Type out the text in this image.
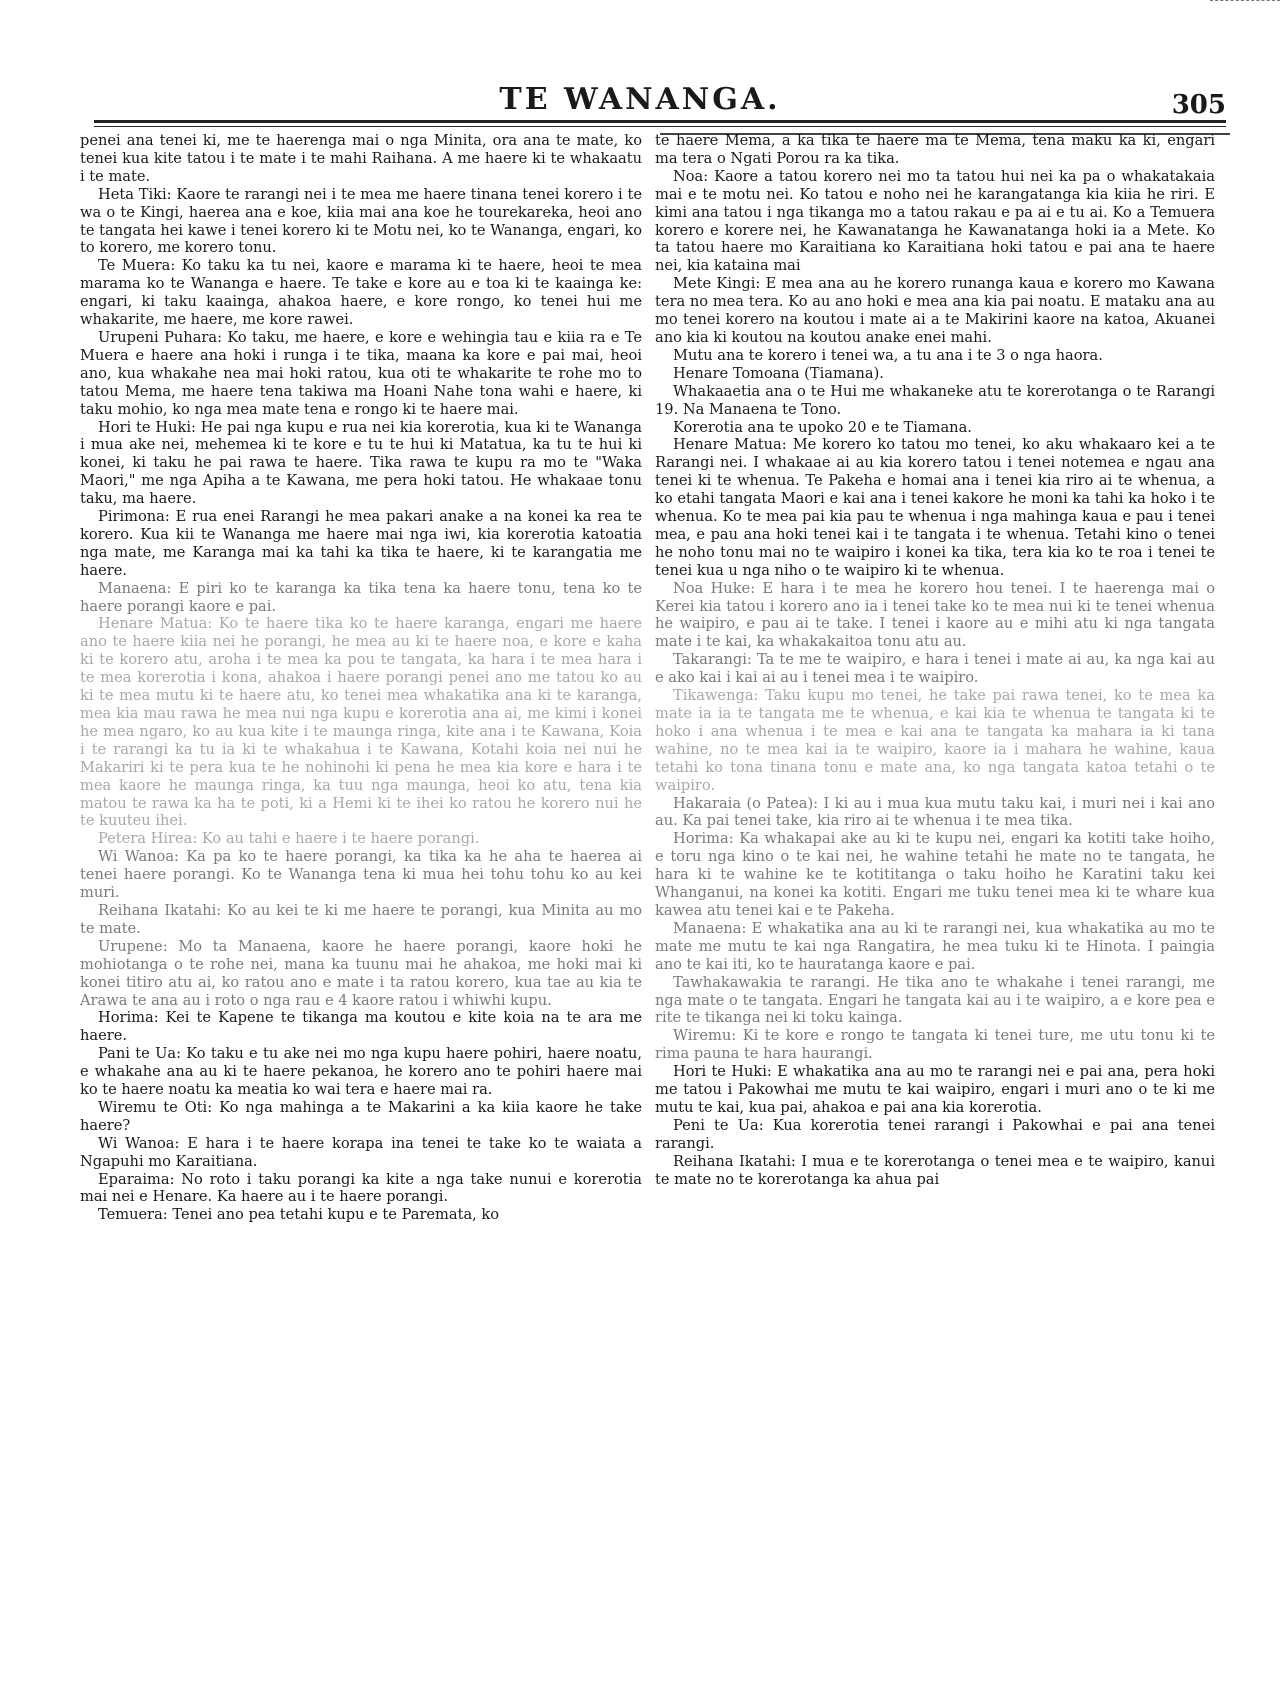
TE WANANGA.	305

penei ana tenei ki, me te haerenga mai o nga Minita, ora ana te mate, ko tenei kua kite tatou i te mate i te mahi Raihana. A me haere ki te whakaatu i te mate.

Heta Tiki: Kaore te rarangi nei i te mea me haere tinana tenei korero i te wa o te Kingi, haerea ana e koe, kiia mai ana koe he tourekareka, heoi ano te tangata hei kawe i tenei korero ki te Motu nei, ko te Wananga, engari, ko to korero, me korero tonu.

Te Muera: Ko taku ka tu nei, kaore e marama ki te haere, heoi te mea marama ko te Wananga e haere. Te take e kore au e toa ki te kaainga ke: engari, ki taku kaainga, ahakoa haere, e kore rongo, ko tenei hui me whakarite, me haere, me kore rawei.

Urupeni Puhara: Ko taku, me haere, e kore e wehingia tau e kiia ra e Te Muera e haere ana hoki i runga i te tika, maana ka kore e pai mai, heoi ano, kua whakahe nea mai hoki ratou, kua oti te whakarite te rohe mo to tatou Mema, me haere tena takiwa ma Hoani Nahe tona wahi e haere, ki taku mohio, ko nga mea mate tena e rongo ki te haere mai.

Hori te Huki: He pai nga kupu e rua nei kia korerotia, kua ki te Wananga i mua ake nei, mehemea ki te kore e tu te hui ki Matatua, ka tu te hui ki konei, ki taku he pai rawa te haere. Tika rawa te kupu ra mo te "Waka Maori," me nga Apiha a te Kawana, me pera hoki tatou. He whakaae tonu taku, ma haere.

Pirimona: E rua enei Rarangi he mea pakari anake a na konei ka rea te korero. Kua kii te Wananga me haere mai nga iwi, kia korerotia katoatia nga mate, me Karanga mai ka tahi ka tika te haere, ki te karangatia me haere.

Manaena: E piri ko te karanga ka tika tena ka haere tonu, tena ko te haere porangi kaore e pai.

Henare Matua: Ko te haere tika ko te haere karanga, engari me haere ano te haere kiia nei he porangi, he mea au ki te haere noa, e kore e kaha ki te korero atu, aroha i te mea ka pou te tangata, ka hara i te mea hara i te mea korerotia i kona, ahakoa i haere porangi penei ano me tatou ko au ki te mea mutu ki te haere atu, ko tenei mea whakatika ana ki te karanga, mea kia mau rawa he mea nui nga kupu e korerotia ana ai, me kimi i konei he mea ngaro, ko au kua kite i te maunga ringa, kite ana i te Kawana, Koia i te rarangi ka tu ia ki te whakahua i te Kawana, Kotahi koia nei nui he Makariri ki te pera kua te he nohinohi ki pena he mea kia kore e hara i te mea kaore he maunga ringa, ka tuu nga maunga, heoi ko atu, tena kia matou te rawa ka ha te poti, ki a Hemi ki te ihei ko ratou he korero nui he te kuuteu ihei.

Petera Hirea: Ko au tahi e haere i te haere porangi.

Wi Wanoa: Ka pa ko te haere porangi, ka tika ka he aha te haerea ai tenei haere porangi. Ko te Wananga tena ki mua hei tohu tohu ko au kei muri.

Reihana Ikatahi: Ko au kei te ki me haere te porangi, kua Minita au mo te mate.

Urupene: Mo ta Manaena, kaore he haere porangi, kaore hoki he mohiotanga o te rohe nei, mana ka tuunu mai he ahakoa, me hoki mai ki konei titiro atu ai, ko ratou ano e mate i ta ratou korero, kua tae au kia te Arawa te ana au i roto o nga rau e 4 kaore ratou i whiwhi kupu.

Horima: Kei te Kapene te tikanga ma koutou e kite koia na te ara me haere.

Pani te Ua: Ko taku e tu ake nei mo nga kupu haere pohiri, haere noatu, e whakahe ana au ki te haere pekanoa, he korero ano te pohiri haere mai ko te haere noatu ka meatia ko wai tera e haere mai ra.

Wiremu te Oti: Ko nga mahinga a te Makarini a ka kiia kaore he take haere?

Wi Wanoa: E hara i te haere korapa ina tenei te take ko te waiata a Ngapuhi mo Karaitiana.

Eparaima: No roto i taku porangi ka kite a nga take nunui e korerotia mai nei e Henare. Ka haere au i te haere porangi.

Temuera: Tenei ano pea tetahi kupu e te Paremata, ko

te haere Mema, a ka tika te haere ma te Mema, tena maku ka ki, engari ma tera o Ngati Porou ra ka tika.

Noa: Kaore a tatou korero nei mo ta tatou hui nei ka pa o whakatakaia mai e te motu nei. Ko tatou e noho nei he karangatanga kia kiia he riri. E kimi ana tatou i nga tikanga mo a tatou rakau e pa ai e tu ai. Ko a Temuera korero e korere nei, he Kawanatanga he Kawanatanga hoki ia a Mete. Ko ta tatou haere mo Karaitiana ko Karaitiana hoki tatou e pai ana te haere nei, kia kataina mai

Mete Kingi: E mea ana au he korero runanga kaua e korero mo Kawana tera no mea tera. Ko au ano hoki e mea ana kia pai noatu. E mataku ana au mo tenei korero na koutou i mate ai a te Makirini kaore na katoa, Akuanei ano kia ki koutou na koutou anake enei mahi.

Mutu ana te korero i tenei wa, a tu ana i te 3 o nga haora.

Henare Tomoana (Tiamana).

Whakaaetia ana o te Hui me whakaneke atu te korerotanga o te Rarangi 19. Na Manaena te Tono.

Korerotia ana te upoko 20 e te Tiamana.

Henare Matua: Me korero ko tatou mo tenei, ko aku whakaaro kei a te Rarangi nei. I whakaae ai au kia korero tatou i tenei notemea e ngau ana tenei ki te whenua. Te Pakeha e homai ana i tenei kia riro ai te whenua, a ko etahi tangata Maori e kai ana i tenei kakore he moni ka tahi ka hoko i te whenua. Ko te mea pai kia pau te whenua i nga mahinga kaua e pau i tenei mea, e pau ana hoki tenei kai i te tangata i te whenua. Tetahi kino o tenei he noho tonu mai no te waipiro i konei ka tika, tera kia ko te roa i tenei te tenei kua u nga niho o te waipiro ki te whenua.

Noa Huke: E hara i te mea he korero hou tenei. I te haerenga mai o Kerei kia tatou i korero ano ia i tenei take ko te mea nui ki te tenei whenua he waipiro, e pau ai te take. I tenei i kaore au e mihi atu ki nga tangata mate i te kai, ka whakakaitoa tonu atu au.

Takarangi: Ta te me te waipiro, e hara i tenei i mate ai au, ka nga kai au e ako kai i kai ai au i tenei mea i te waipiro.

Tikawenga: Taku kupu mo tenei, he take pai rawa tenei, ko te mea ka mate ia ia te tangata me te whenua, e kai kia te whenua te tangata ki te hoko i ana whenua i te mea e kai ana te tangata ka mahara ia ki tana wahine, no te mea kai ia te waipiro, kaore ia i mahara he wahine, kaua tetahi ko tona tinana tonu e mate ana, ko nga tangata katoa tetahi o te waipiro.

Hakaraia (o Patea): I ki au i mua kua mutu taku kai, i muri nei i kai ano au. Ka pai tenei take, kia riro ai te whenua i te mea tika.

Horima: Ka whakapai ake au ki te kupu nei, engari ka kotiti take hoiho, e toru nga kino o te kai nei, he wahine tetahi he mate no te tangata, he hara ki te wahine ke te kotititanga o taku hoiho he Karatini taku kei Whanganui, na konei ka kotiti. Engari me tuku tenei mea ki te whare kua kawea atu tenei kai e te Pakeha.

Manaena: E whakatika ana au ki te rarangi nei, kua whakatika au mo te mate me mutu te kai nga Rangatira, he mea tuku ki te Hinota. I paingia ano te kai iti, ko te hauratanga kaore e pai.

Tawhakawakia te rarangi. He tika ano te whakahe i tenei rarangi, me nga mate o te tangata. Engari he tangata kai au i te waipiro, a e kore pea e rite te tikanga nei ki toku kainga.

Wiremu: Ki te kore e rongo te tangata ki tenei ture, me utu tonu ki te rima pauna te hara haurangi.

Hori te Huki: E whakatika ana au mo te rarangi nei e pai ana, pera hoki me tatou i Pakowhai me mutu te kai waipiro, engari i muri ano o te ki me mutu te kai, kua pai, ahakoa e pai ana kia korerotia.

Peni te Ua: Kua korerotia tenei rarangi i Pakowhai e pai ana tenei rarangi.

Reihana Ikatahi: I mua e te korerotanga o tenei mea e te waipiro, kanui te mate no te korerotanga ka ahua pai
